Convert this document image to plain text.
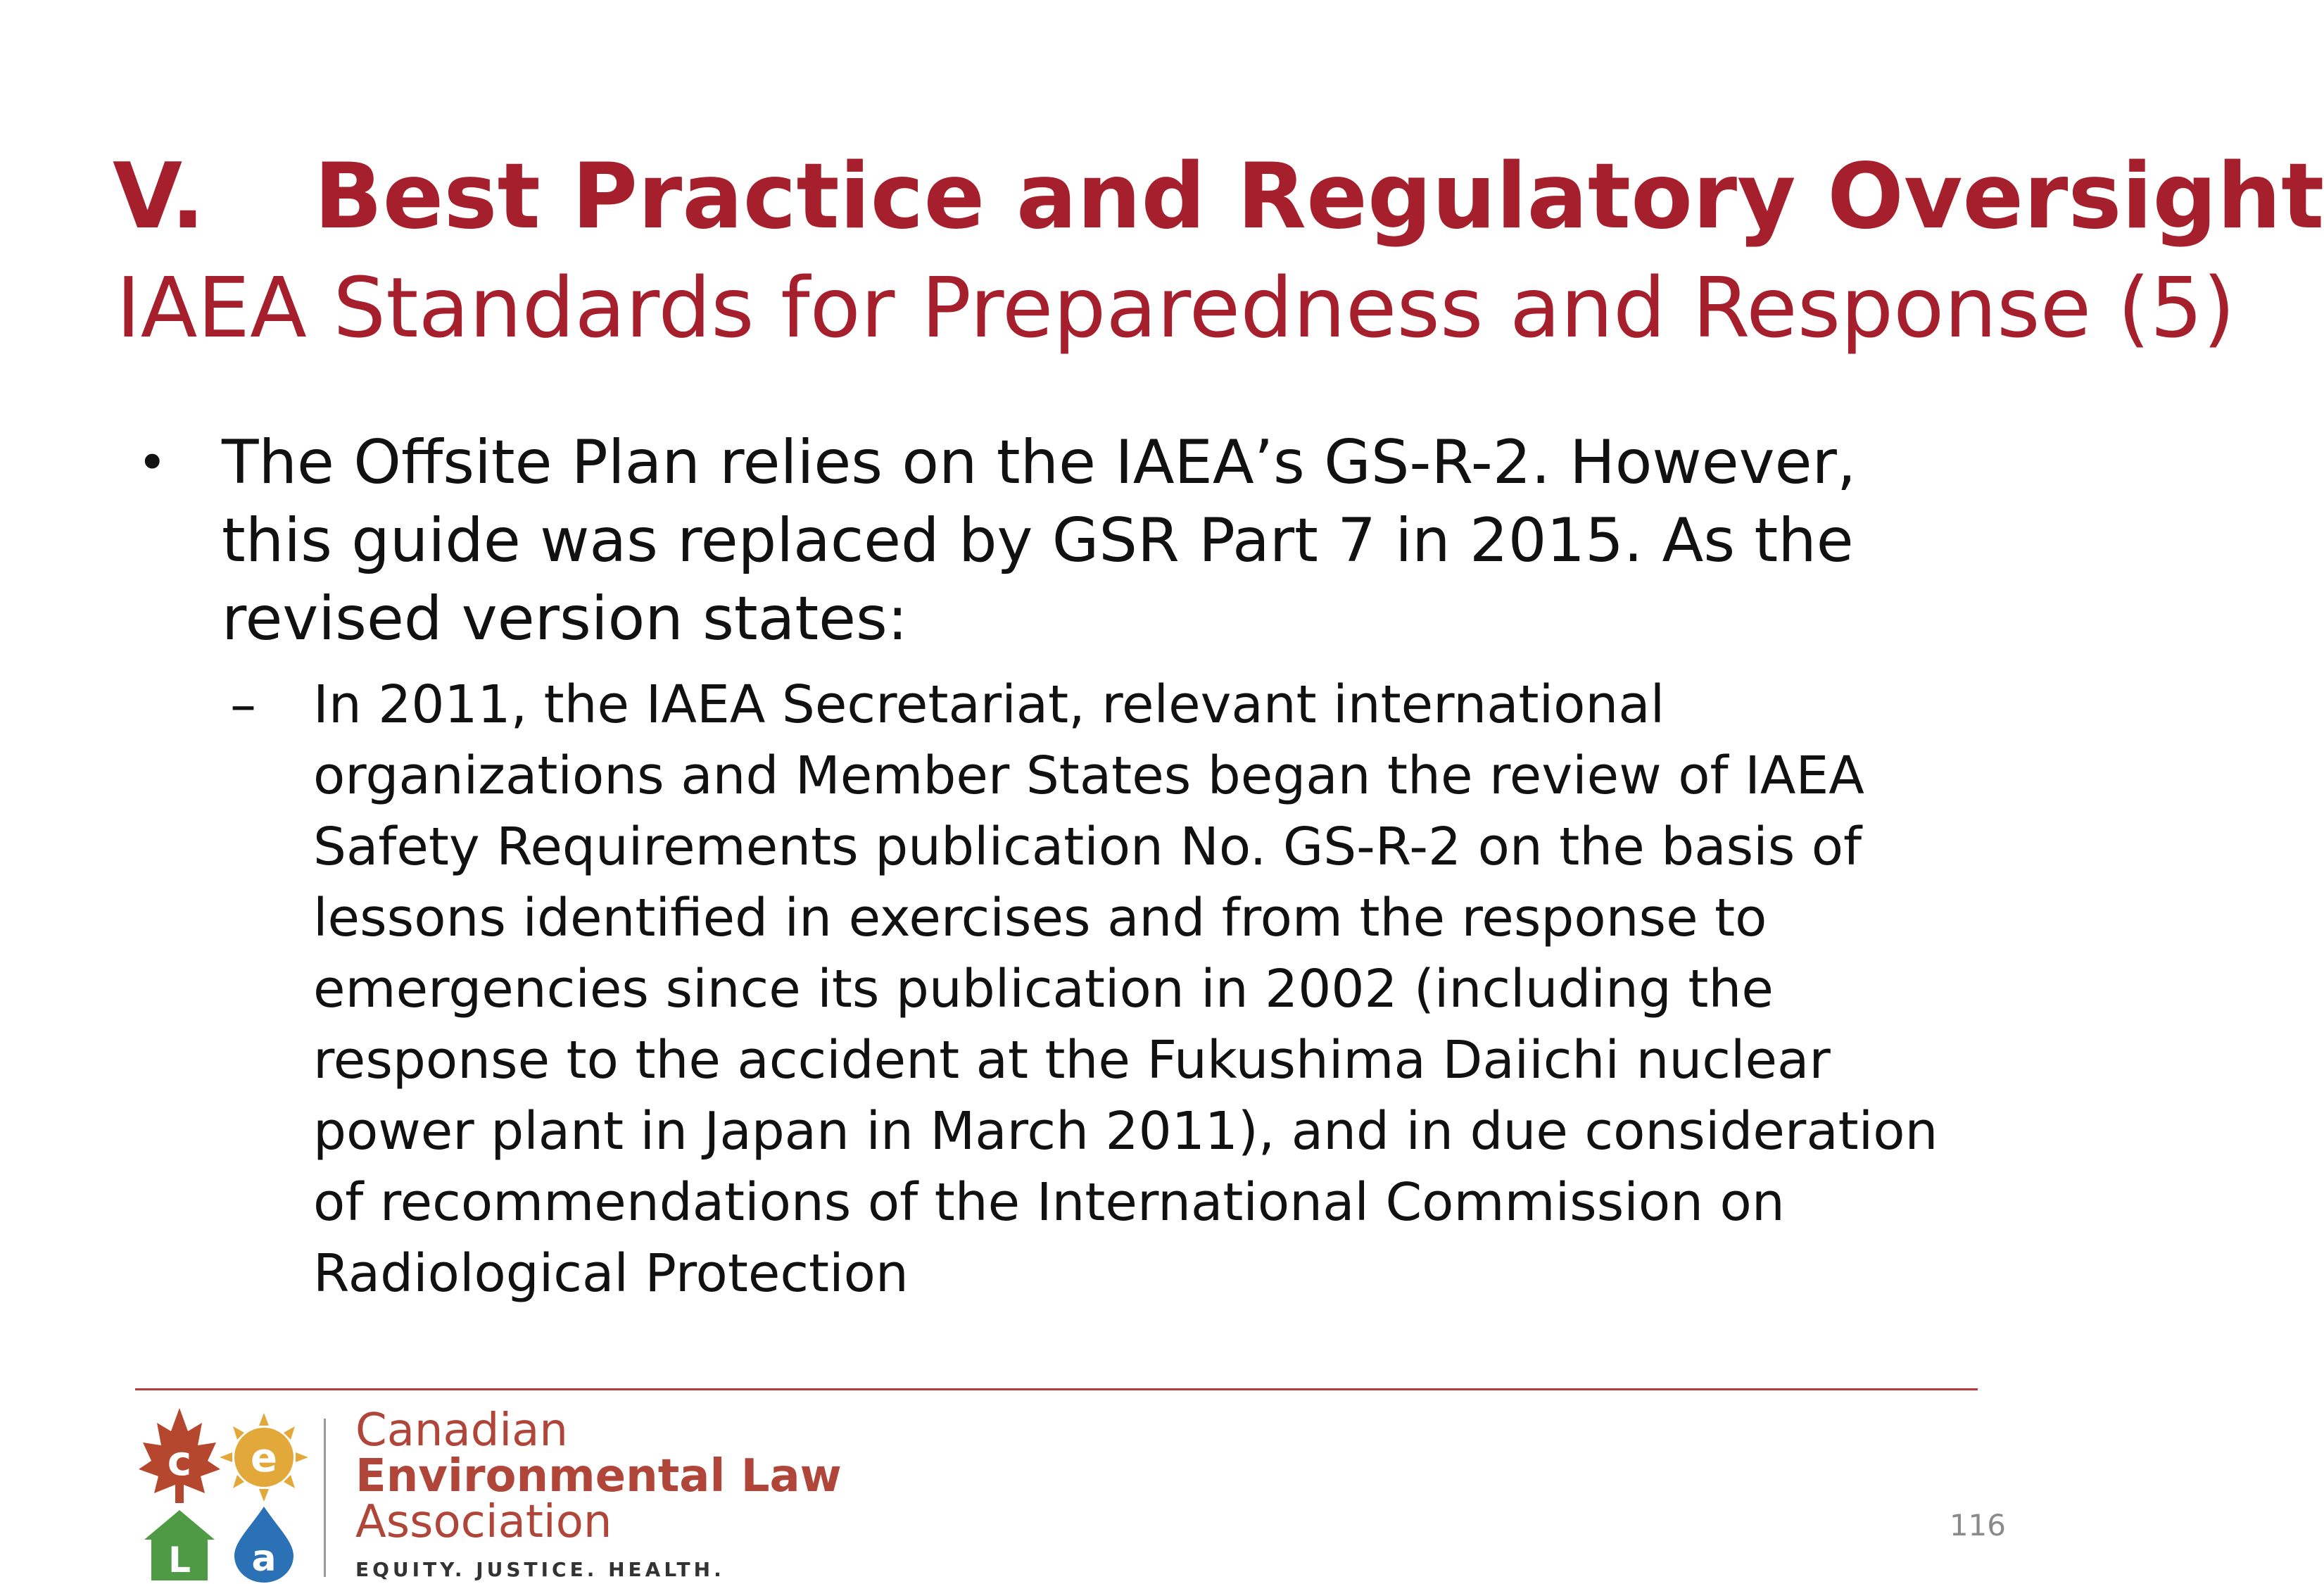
V. Best Practice and Regulatory Oversight
IAEA Standards for Preparedness and Response (5)
• The Offsite Plan relies on the IAEA’s GS-R-2. However, this guide was replaced by GSR Part 7 in 2015. As the revised version states:
– In 2011, the IAEA Secretariat, relevant international organizations and Member States began the review of IAEA Safety Requirements publication No. GS-R-2 on the basis of lessons identified in exercises and from the response to emergencies since its publication in 2002 (including the response to the accident at the Fukushima Daiichi nuclear power plant in Japan in March 2011), and in due consideration of recommendations of the International Commission on Radiological Protection
c e
L a
Canadian
Environmental Law
Association
EQUITY. JUSTICE. HEALTH.
116
